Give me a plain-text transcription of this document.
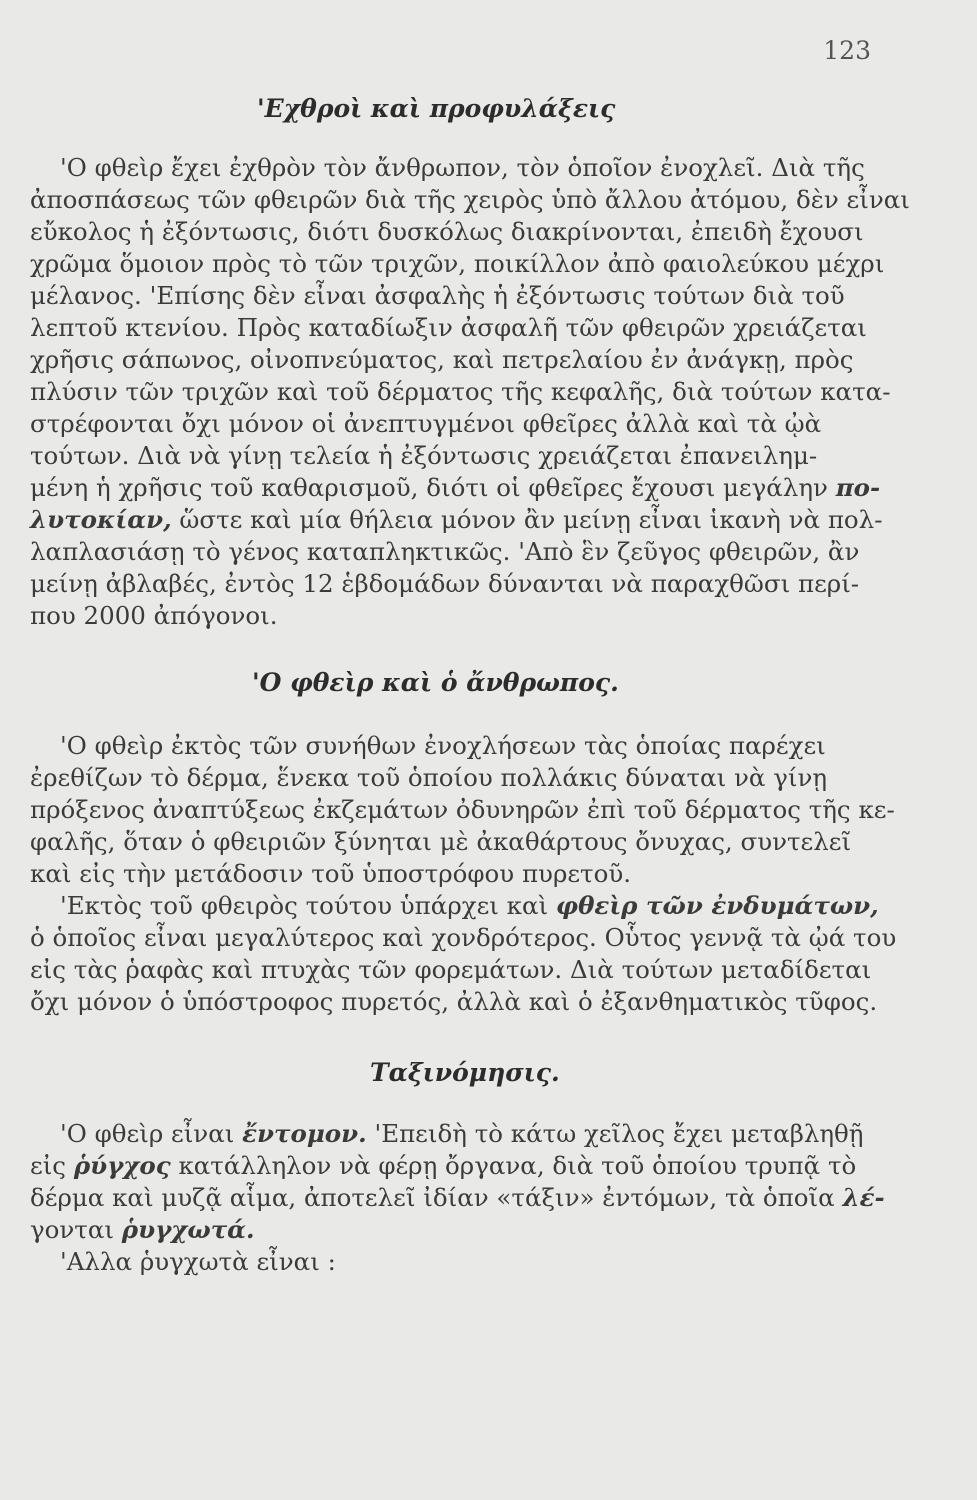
123
'Εχθροὶ καὶ προφυλάξεις
'Ο φθεὶρ ἔχει ἐχθρὸν τὸν ἄνθρωπον, τὸν ὁποῖον ἐνοχλεῖ. Διὰ τῆς
ἀποσπάσεως τῶν φθειρῶν διὰ τῆς χειρὸς ὑπὸ ἄλλου ἀτόμου, δὲν εἶναι
εὔκολος ἡ ἐξόντωσις, διότι δυσκόλως διακρίνονται, ἐπειδὴ ἔχουσι
χρῶμα ὅμοιον πρὸς τὸ τῶν τριχῶν, ποικίλλον ἀπὸ φαιολεύκου μέχρι
μέλανος. 'Επίσης δὲν εἶναι ἀσφαλὴς ἡ ἐξόντωσις τούτων διὰ τοῦ
λεπτοῦ κτενίου. Πρὸς καταδίωξιν ἀσφαλῆ τῶν φθειρῶν χρειάζεται
χρῆσις σάπωνος, οἰνοπνεύματος, καὶ πετρελαίου ἐν ἀνάγκῃ, πρὸς
πλύσιν τῶν τριχῶν καὶ τοῦ δέρματος τῆς κεφαλῆς, διὰ τούτων κατα-
στρέφονται ὄχι μόνον οἱ ἀνεπτυγμένοι φθεῖρες ἀλλὰ καὶ τὰ ᾠὰ
τούτων. Διὰ νὰ γίνῃ τελεία ἡ ἐξόντωσις χρειάζεται ἐπανειλημ-
μένη ἡ χρῆσις τοῦ καθαρισμοῦ, διότι οἱ φθεῖρες ἔχουσι μεγάλην πο-
λυτοκίαν, ὥστε καὶ μία θήλεια μόνον ἂν μείνῃ εἶναι ἱκανὴ νὰ πολ-
λαπλασιάσῃ τὸ γένος καταπληκτικῶς. 'Απὸ ἓν ζεῦγος φθειρῶν, ἂν
μείνῃ ἀβλαβές, ἐντὸς 12 ἑβδομάδων δύνανται νὰ παραχθῶσι περί-
που 2000 ἀπόγονοι.
'Ο φθεὶρ καὶ ὁ ἄνθρωπος.
'Ο φθεὶρ ἐκτὸς τῶν συνήθων ἐνοχλήσεων τὰς ὁποίας παρέχει
ἐρεθίζων τὸ δέρμα, ἕνεκα τοῦ ὁποίου πολλάκις δύναται νὰ γίνῃ
πρόξενος ἀναπτύξεως ἐκζεμάτων ὀδυνηρῶν ἐπὶ τοῦ δέρματος τῆς κε-
φαλῆς, ὅταν ὁ φθειριῶν ξύνηται μὲ ἀκαθάρτους ὄνυχας, συντελεῖ
καὶ εἰς τὴν μετάδοσιν τοῦ ὑποστρόφου πυρετοῦ.
'Εκτὸς τοῦ φθειρὸς τούτου ὑπάρχει καὶ φθεὶρ τῶν ἐνδυμάτων,
ὁ ὁποῖος εἶναι μεγαλύτερος καὶ χονδρότερος. Οὗτος γεννᾷ τὰ ᾠά του
εἰς τὰς ῥαφὰς καὶ πτυχὰς τῶν φορεμάτων. Διὰ τούτων μεταδίδεται
ὄχι μόνον ὁ ὑπόστροφος πυρετός, ἀλλὰ καὶ ὁ ἐξανθηματικὸς τῦφος.
Ταξινόμησις.
'Ο φθεὶρ εἶναι ἔντομον. 'Επειδὴ τὸ κάτω χεῖλος ἔχει μεταβληθῇ
εἰς ῥύγχος κατάλληλον νὰ φέρῃ ὄργανα, διὰ τοῦ ὁποίου τρυπᾷ τὸ
δέρμα καὶ μυζᾷ αἷμα, ἀποτελεῖ ἰδίαν «τάξιν» ἐντόμων, τὰ ὁποῖα λέ-
γονται ῥυγχωτά.
'Αλλα ῥυγχωτὰ εἶναι :
